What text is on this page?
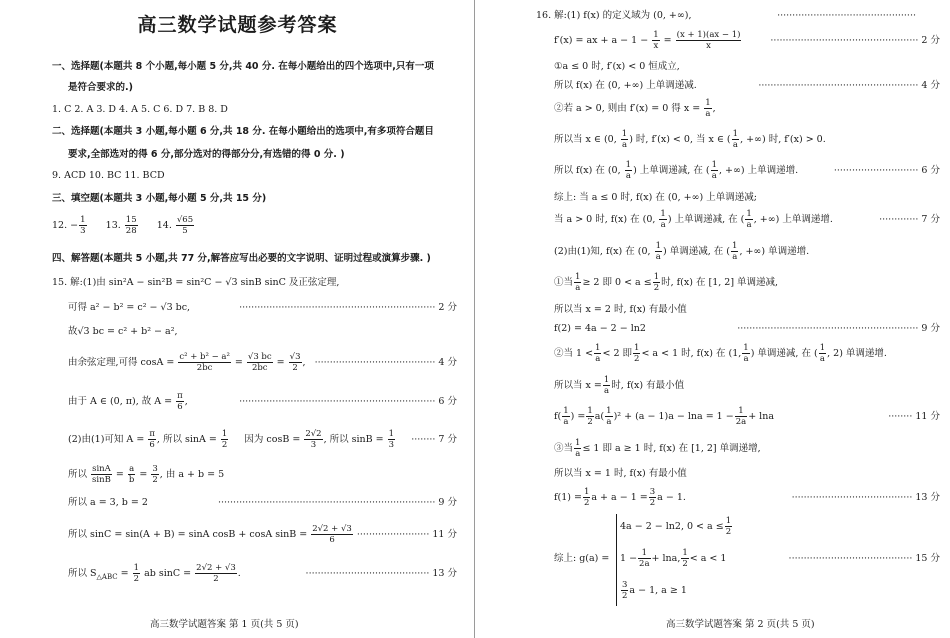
高三数学试题参考答案
一、选择题(本题共 8 个小题,每小题 5 分,共 40 分. 在每小题给出的四个选项中,只有一项
是符合要求的.)
1. C 2. A 3. D 4. A 5. C 6. D 7. B 8. D
二、选择题(本题共 3 小题,每小题 6 分,共 18 分. 在每小题给出的选项中,有多项符合题目
要求,全部选对的得 6 分,部分选对的得部分分,有选错的得 0 分. )
9. ACD 10. BC 11. BCD
三、填空题(本题共 3 小题,每小题 5 分,共 15 分)
12. − $\frac{1}{3} 13$. $\frac{15}{28} 14$. $\frac{√65}{5}$
四、解答题(本题共 5 小题,共 77 分,解答应写出必要的文字说明、证明过程或演算步骤. )
15. 解:(1)由 sin²A − sin²B = sin²C − √3 sinB sinC 及正弦定理,
可得 a² − b² = c² − √3 bc,	································································· 2 分
故√3 bc = c² + b² − a²,
由余弦定理,可得 $\cos A = \frac{\text{c² + b² − a²}}{2bc} = \frac{√3 bc}{2bc} = \frac{√3}{2}$ , ········································ 4 分
由于 A ∈ (0, π), 故 $A = \frac{\pi}{6}$ ,	································································· 6 分
(2)由(1)可知 $A = \frac{\pi}{6}$ , 所以 $\sin A = \frac{1}{2}$ 因为 $\cos B = \frac{2√2}{3}$ , 所以 $\sin B = \frac{1}{3}$	········ 7 分
所以 $\frac{\sin A}{\sin B} = \frac{a}{b} = \frac{3}{2}$ , 由 a + b = 5
所以 a = 3, b = 2	········································································ 9 分
所以 sinC = sin(A + B) = sinA cosB + cosA $\sin B = \frac{2√2 + √3}{6}$ ························ 11 分
所以 $S_{\triangle ABC} = \frac{1}{2}$ ab $\sin C = \frac{2√2 + √3}{2}$ .	········································· 13 分
高三数学试题答案 第 1 页(共 5 页)
16. 解:(1) f(x) 的定义域为 (0, +∞),	··············································
f′(x) = ax + $a - 1 - \frac{1}{x} = \frac{(x + 1)(ax - 1)}{x}$	················································· 2 分
①a ≤ 0 时, f′(x) < 0 恒成立,
所以 f(x) 在 (0, +∞) 上单调递减.	····················································· 4 分
②若 a > 0, 则由 f′(x) = 0 得 $x = \frac{1}{a}$ ,
所以当 x ∈ (0, $\frac{1}{a}$ ) 时, f′(x) < 0, 当 x ∈ ( $\frac{1}{a}$ , +∞) 时, f′(x) > 0.
所以 f(x) 在 (0, $\frac{1}{a}$ ) 上单调递减, 在 ( $\frac{1}{a}$ , +∞) 上单调递增.	···························· 6 分
综上: 当 a ≤ 0 时, f(x) 在 (0, +∞) 上单调递减;
当 a > 0 时, f(x) 在 (0, $\frac{1}{a}$ ) 上单调递减, 在 ( $\frac{1}{a}$ , +∞) 上单调递增.	············· 7 分
(2)由(1)知, f(x) 在 (0, $\frac{1}{a}$ ) 单调递减, 在 ( $\frac{1}{a}$ , +∞) 单调递增.
①当 $\frac{1}{a} \ge 2$ 即 $0 < a \le \frac{1}{2}$ 时, f(x) 在 [1, 2] 单调递减,
所以当 x = 2 时, f(x) 有最小值
f(2) = 4a − 2 − ln2	···························································· 9 分
②当 $1 < \frac{1}{a} < 2$ 即 $\frac{1}{2} < a < 1$ 时, f(x) 在 (1, $\frac{1}{a}$ ) 单调递减, 在 ( $\frac{1}{a}$ , 2) 单调递增.
所以当 $x = \frac{1}{a}$ 时, f(x) 有最小值
$f( \frac{1}{a}$ ) = $\frac{1}{2} a( \frac{1}{a} )^2 + (a - 1)a - \ln a = 1 - \frac{1}{2a} + \ln a$	········ 11 分
③当 $\frac{1}{a} \le 1$ 即 a ≥ 1 时, f(x) 在 [1, 2] 单调递增,
所以当 x = 1 时, f(x) 有最小值
$f(1) = \frac{1}{2}$ $a + a - 1 = \frac{3}{2}$ a − 1.	········································ 13 分
综上: g(a) =
4a − 2 − ln2, $0 < a \le \frac{1}{2}$
$1 - \frac{1}{2a} + \ln a$, $\frac{1}{2} < a < 1$
$\frac{3}{2}$ a − 1, a ≥ 1
········································· 15 分
高三数学试题答案 第 2 页(共 5 页)
